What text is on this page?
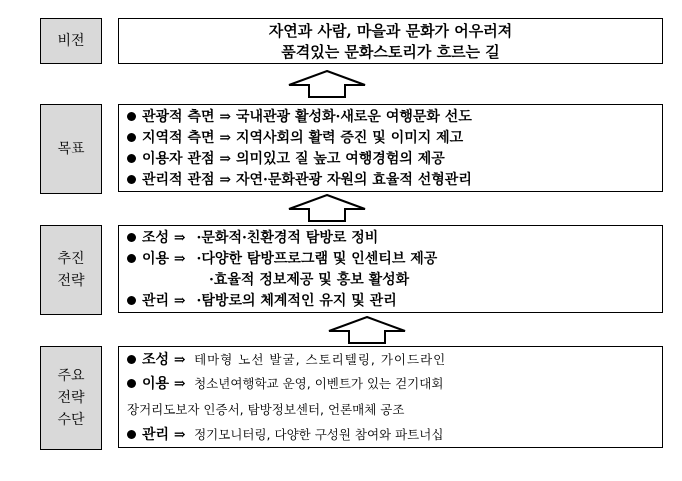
비전
자연과 사람, 마을과 문화가 어우러져
품격있는 문화스토리가 흐르는 길
목표
관광적 측면 ⇒ 국내관광 활성화·새로운 여행문화 선도
지역적 측면 ⇒ 지역사회의 활력 증진 및 이미지 제고
이용자 관점 ⇒ 의미있고 질 높고 여행경험의 제공
관리적 관점 ⇒ 자연·문화관광 자원의 효율적 선형관리
추진
전략
조성 ⇒ ·문화적·친환경적 탐방로 정비
이용 ⇒ ·다양한 탐방프로그램 및 인센티브 제공
·효율적 정보제공 및 홍보 활성화
관리 ⇒ ·탐방로의 체계적인 유지 및 관리
주요
전략
수단
조성 ⇒ 테마형 노선 발굴, 스토리텔링, 가이드라인
이용 ⇒ 청소년여행학교 운영, 이벤트가 있는 걷기대회
장거리도보자 인증서, 탐방정보센터, 언론매체 공조
관리 ⇒ 정기모니터링, 다양한 구성원 참여와 파트너십
